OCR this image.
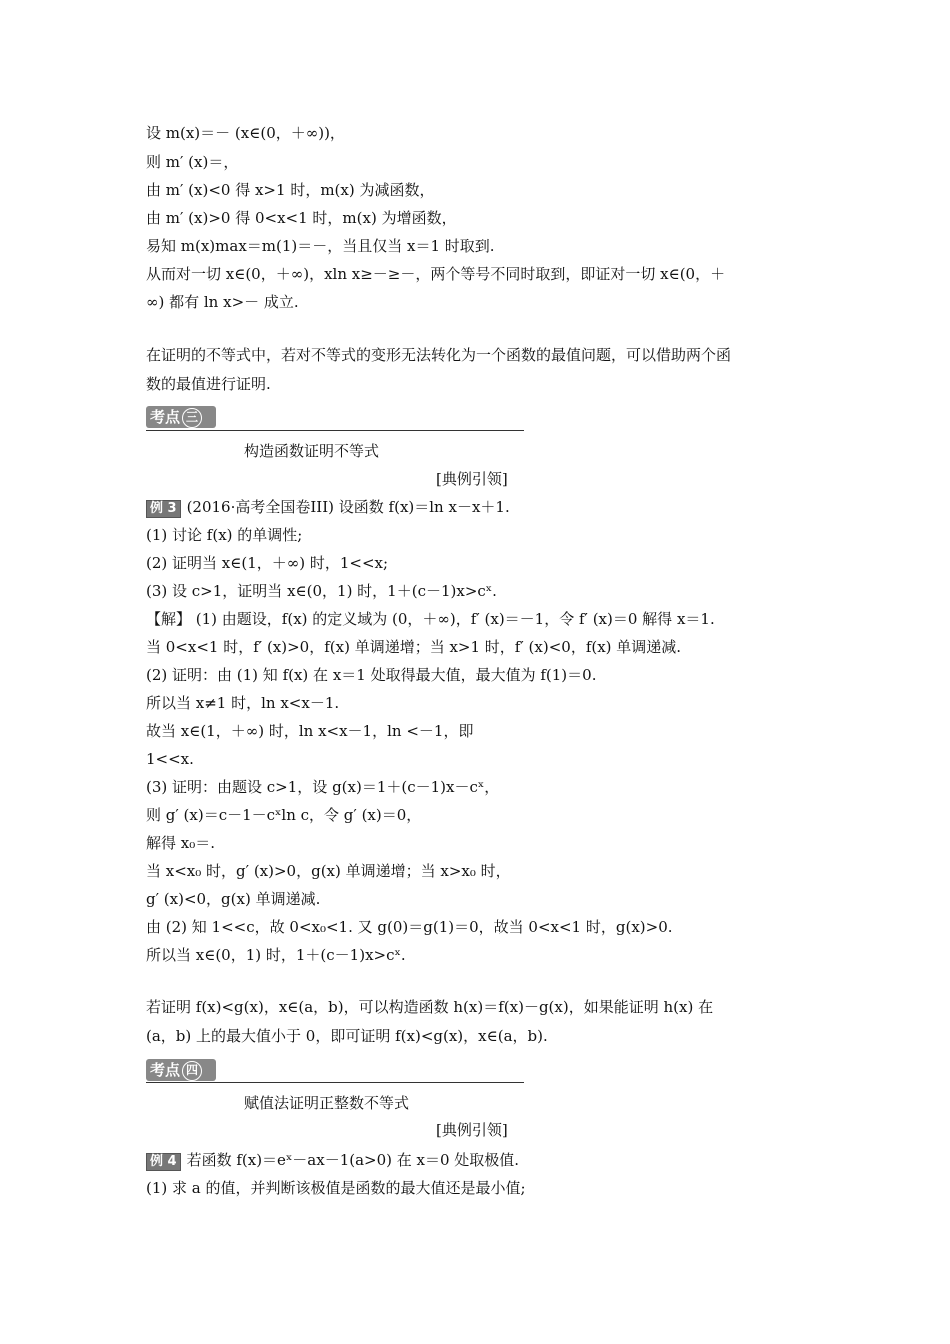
设 m(x)＝－ (x∈(0，＋∞))，
则 m′ (x)＝，
由 m′ (x)<0 得 x>1 时，m(x) 为减函数，
由 m′ (x)>0 得 0<x<1 时，m(x) 为增函数，
易知 m(x)max＝m(1)＝－，当且仅当 x＝1 时取到.
从而对一切 x∈(0，＋∞)，xln x≥－≥－，两个等号不同时取到，即证对一切 x∈(0，＋
∞) 都有 ln x>－ 成立.
在证明的不等式中，若对不等式的变形无法转化为一个函数的最值问题，可以借助两个函
数的最值进行证明.
考点 三
构造函数证明不等式
[典例引领]
例 3 (2016·高考全国卷III) 设函数 f(x)＝ln x－x＋1.
(1) 讨论 f(x) 的单调性;
(2) 证明当 x∈(1，＋∞) 时，1<<x;
(3) 设 c>1，证明当 x∈(0，1) 时，1＋(c－1)x>cˣ.
【解】 (1) 由题设，f(x) 的定义域为 (0，＋∞)，f′ (x)＝－1，令 f′ (x)＝0 解得 x＝1.
当 0<x<1 时，f′ (x)>0，f(x) 单调递增；当 x>1 时，f′ (x)<0，f(x) 单调递减.
(2) 证明：由 (1) 知 f(x) 在 x＝1 处取得最大值，最大值为 f(1)＝0.
所以当 x≠1 时，ln x<x－1.
故当 x∈(1，＋∞) 时，ln x<x－1，ln <－1，即
1<<x.
(3) 证明：由题设 c>1，设 g(x)＝1＋(c－1)x－cˣ，
则 g′ (x)＝c－1－cˣln c，令 g′ (x)＝0，
解得 x₀＝.
当 x<x₀ 时，g′ (x)>0，g(x) 单调递增；当 x>x₀ 时，
g′ (x)<0，g(x) 单调递减.
由 (2) 知 1<<c，故 0<x₀<1. 又 g(0)＝g(1)＝0，故当 0<x<1 时，g(x)>0.
所以当 x∈(0，1) 时，1＋(c－1)x>cˣ.
若证明 f(x)<g(x)，x∈(a，b)，可以构造函数 h(x)＝f(x)－g(x)，如果能证明 h(x) 在
(a，b) 上的最大值小于 0，即可证明 f(x)<g(x)，x∈(a，b).
考点 四
赋值法证明正整数不等式
[典例引领]
例 4 若函数 f(x)＝eˣ－ax－1(a>0) 在 x＝0 处取极值.
(1) 求 a 的值，并判断该极值是函数的最大值还是最小值;
